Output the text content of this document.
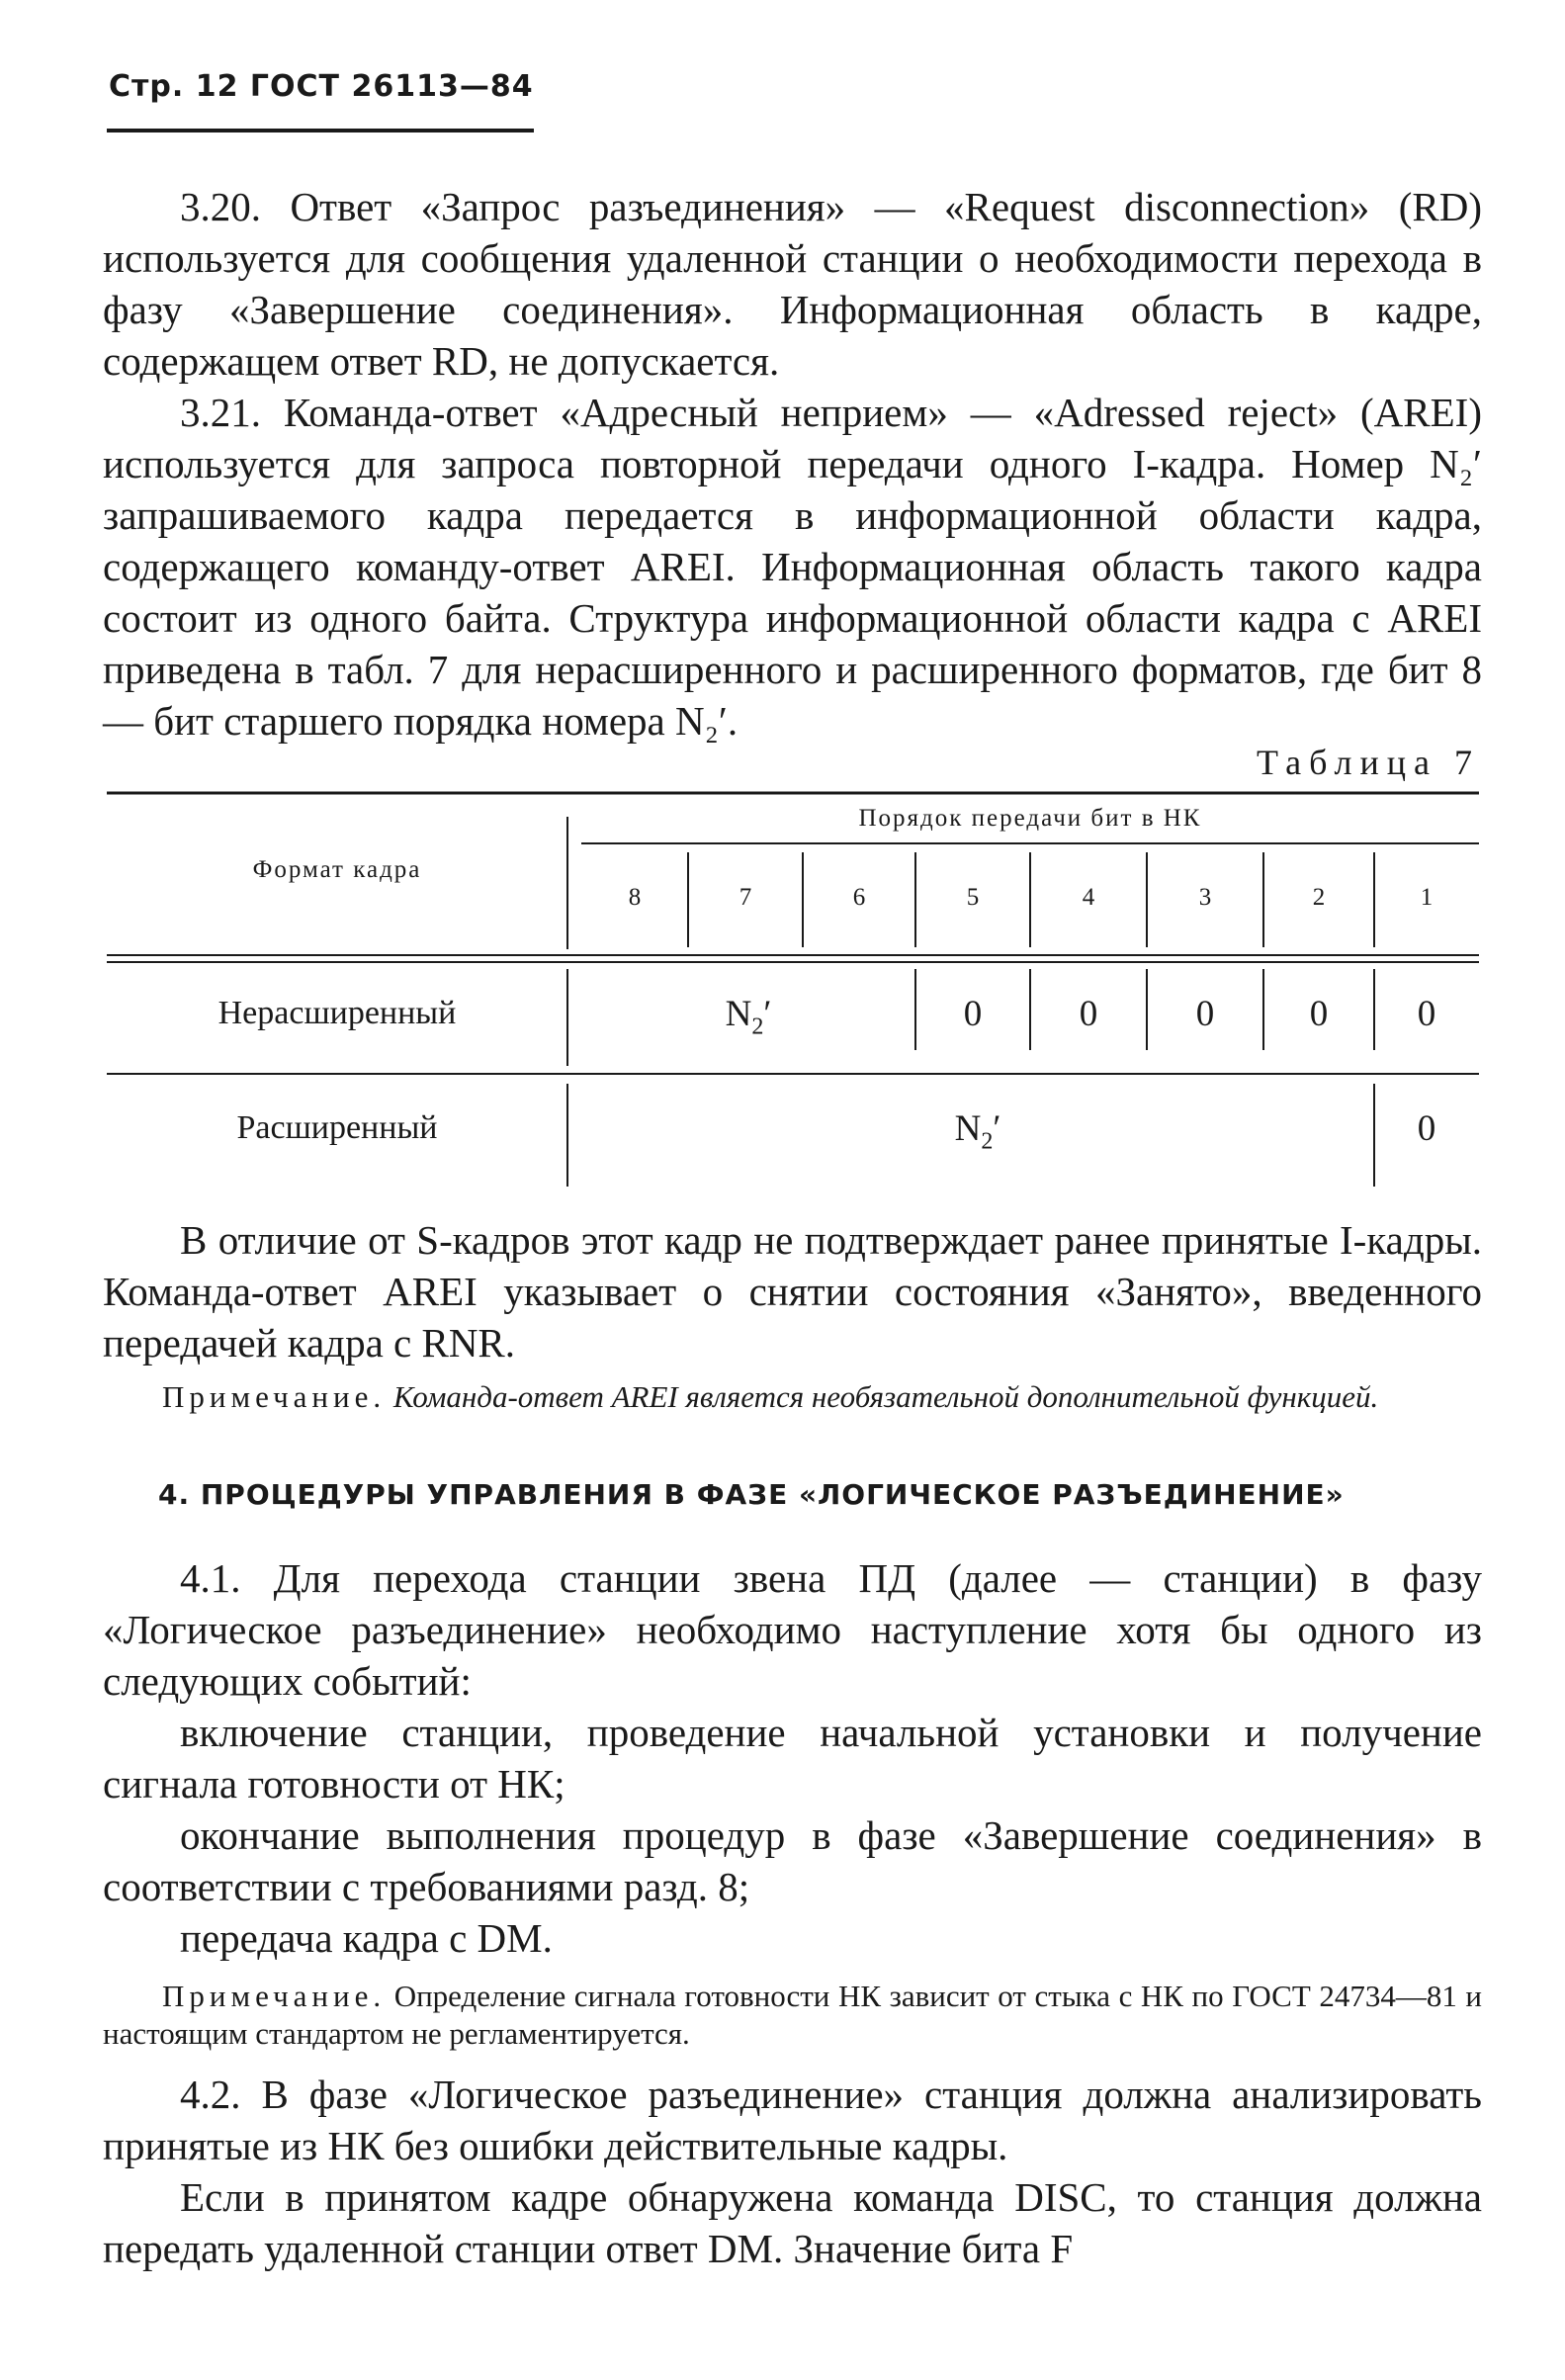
Стр. 12 ГОСТ 26113—84

3.20. Ответ «Запрос разъединения» — «Request disconnection» (RD) используется для сообщения удаленной станции о необходимости перехода в фазу «Завершение соединения». Информационная область в кадре, содержащем ответ RD, не допускается.

3.21. Команда-ответ «Адресный неприем» — «Adressed reject» (AREI) используется для запроса повторной передачи одного I-кадра. Номер N₂′ запрашиваемого кадра передается в информационной области кадра, содержащего команду-ответ AREI. Информационная область такого кадра состоит из одного байта. Структура информационной области кадра с AREI приведена в табл. 7 для нерасширенного и расширенного форматов, где бит 8 — бит старшего порядка номера N₂′.

Таблица 7
Формат кадра
Порядок передачи бит в НК
8	7	6	5	4	3	2	1
Нерасширенный	$N_2'$	0	0	0	0	0
Расширенный	$N_2'$	0

В отличие от S-кадров этот кадр не подтверждает ранее принятые I-кадры. Команда-ответ AREI указывает о снятии состояния «Занято», введенного передачей кадра с RNR.

Примечание. Команда-ответ AREI является необязательной дополнительной функцией.

4. ПРОЦЕДУРЫ УПРАВЛЕНИЯ В ФАЗЕ «ЛОГИЧЕСКОЕ РАЗЪЕДИНЕНИЕ»

4.1. Для перехода станции звена ПД (далее — станции) в фазу «Логическое разъединение» необходимо наступление хотя бы одного из следующих событий:

включение станции, проведение начальной установки и получение сигнала готовности от НК;

окончание выполнения процедур в фазе «Завершение соединения» в соответствии с требованиями разд. 8;

передача кадра с DM.

Примечание. Определение сигнала готовности НК зависит от стыка с НК по ГОСТ 24734—81 и настоящим стандартом не регламентируется.

4.2. В фазе «Логическое разъединение» станция должна анализировать принятые из НК без ошибки действительные кадры.

Если в принятом кадре обнаружена команда DISC, то станция должна передать удаленной станции ответ DM. Значение бита F
